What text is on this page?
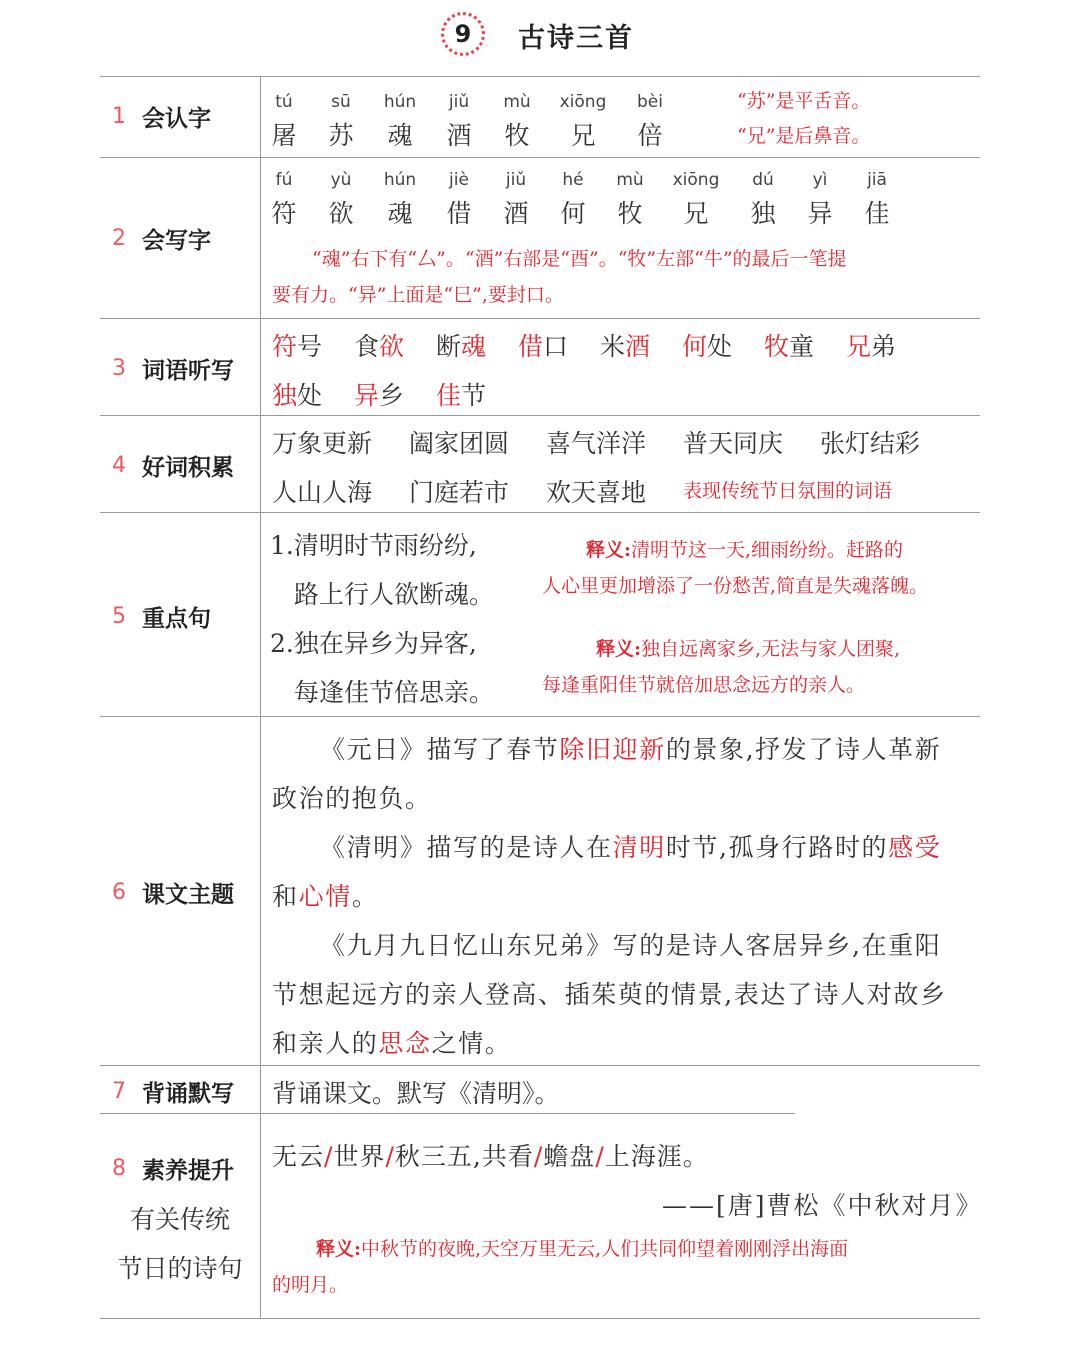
9	古诗三首
1 会认字
tú
屠
sū
苏
hún
魂
jiǔ
酒
mù
牧
xiōng
兄
bèi
倍
“苏”是平舌音。
“兄”是后鼻音。
2 会写字
fú
符
yù
欲
hún
魂
jiè
借
jiǔ
酒
hé
何
mù
牧
xiōng
兄
dú
独
yì
异
jiā
佳
“魂”右下有“厶”。“酒”右部是“酉”。“牧”左部“牛”的最后一笔提
要有力。“异”上面是“巳”,要封口。
3 词语听写
符号 食欲 断魂 借口 米酒 何处 牧童 兄弟
独处 异乡 佳节
4 好词积累
万象更新 阖家团圆 喜气洋洋 普天同庆 张灯结彩
人山人海 门庭若市 欢天喜地 表现传统节日氛围的词语
5 重点句
1.清明时节雨纷纷,
路上行人欲断魂。
2.独在异乡为异客,
每逢佳节倍思亲。
释义:清明节这一天,细雨纷纷。赶路的
人心里更加增添了一份愁苦,简直是失魂落魄。
释义:独自远离家乡,无法与家人团聚,
每逢重阳佳节就倍加思念远方的亲人。
6 课文主题
《元日》描写了春节除旧迎新的景象,抒发了诗人革新
政治的抱负。
《清明》描写的是诗人在清明时节,孤身行路时的感受
和心情。
《九月九日忆山东兄弟》写的是诗人客居异乡,在重阳
节想起远方的亲人登高、插茱萸的情景,表达了诗人对故乡
和亲人的思念之情。
7 背诵默写 背诵课文。默写《清明》。
8 素养提升
有关传统
节日的诗句
无云/世界/秋三五,共看/蟾盘/上海涯。
——[唐]曹松《中秋对月》
释义:中秋节的夜晚,天空万里无云,人们共同仰望着刚刚浮出海面
的明月。
